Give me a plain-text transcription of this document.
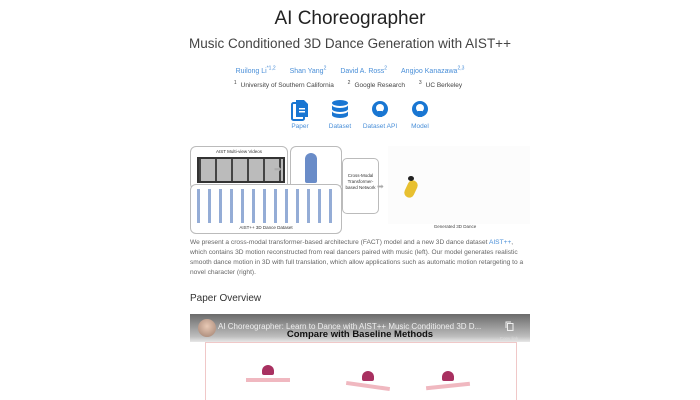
AI Choreographer
Music Conditioned 3D Dance Generation with AIST++
Ruilong Li$^{*1,2}$ Shan Yang$^2$ David A. Ross$^2$ Angjoo Kanazawa$^{2,3}$
$^1$ University of Southern California	$^2$ Google Research	$^3$ UC Berkeley
Paper	Dataset Dataset API Model
AIST Multi-view Videos
➡
AIST++ 3D Dance Dataset
Cross-Modal Transformer-based Network ➡
Generated 3D Dance
We present a cross-modal transformer-based architecture (FACT) model and a new 3D dance dataset AIST++, which contains 3D motion reconstructed from real dancers paired with music (left). Our model generates realistic smooth dance motion in 3D with full translation, which allow applications such as automatic motion retargeting to a novel character (right).
Paper Overview
AI Choreographer: Learn to Dance with AIST++ Music Conditioned 3D D...
Compare with Baseline Methods	Copy link
